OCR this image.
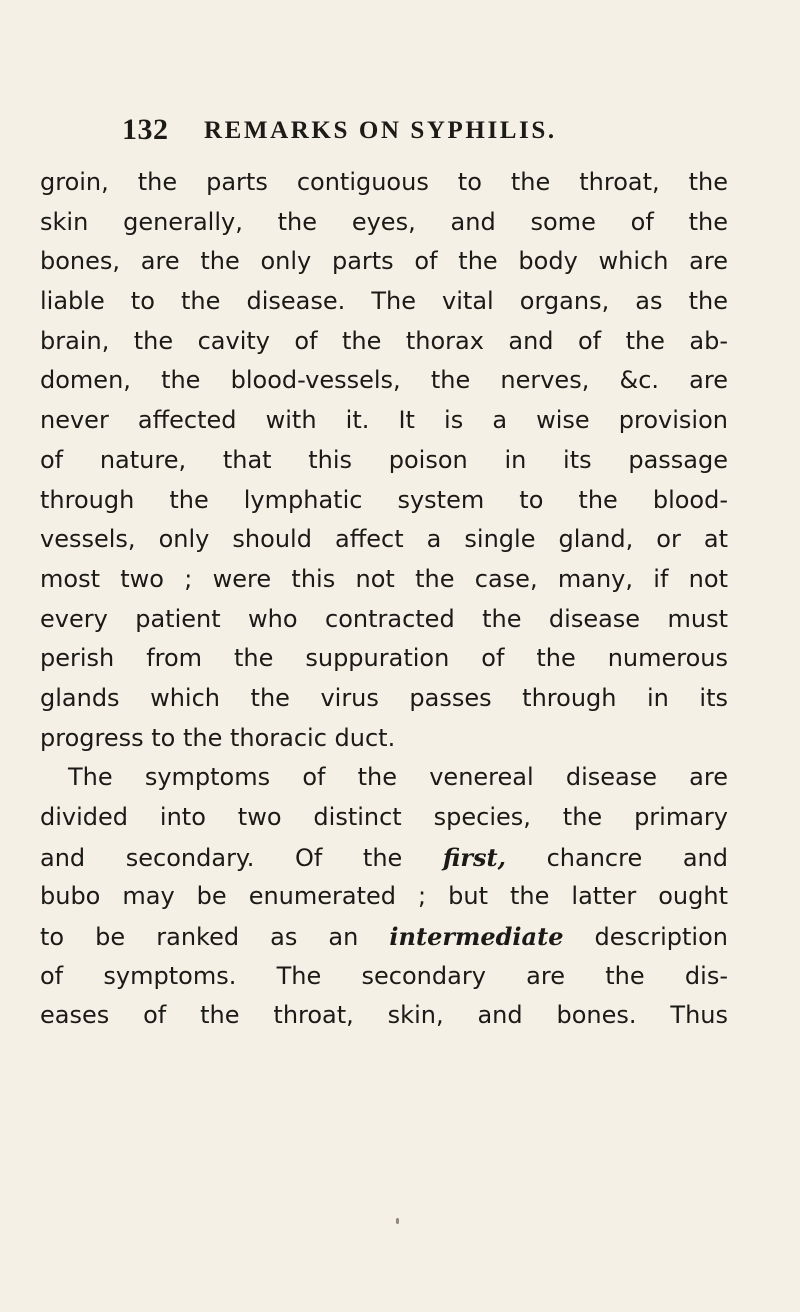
132 REMARKS ON SYPHILIS.
groin, the parts contiguous to the throat, the
skin generally, the eyes, and some of the
bones, are the only parts of the body which are
liable to the disease. The vital organs, as the
brain, the cavity of the thorax and of the ab-
domen, the blood-vessels, the nerves, &c. are
never affected with it. It is a wise provision
of nature, that this poison in its passage
through the lymphatic system to the blood-
vessels, only should affect a single gland, or at
most two ; were this not the case, many, if not
every patient who contracted the disease must
perish from the suppuration of the numerous
glands which the virus passes through in its
progress to the thoracic duct.
The symptoms of the venereal disease are
divided into two distinct species, the primary
and secondary. Of the first, chancre and
bubo may be enumerated ; but the latter ought
to be ranked as an intermediate description
of symptoms. The secondary are the dis-
eases of the throat, skin, and bones. Thus
